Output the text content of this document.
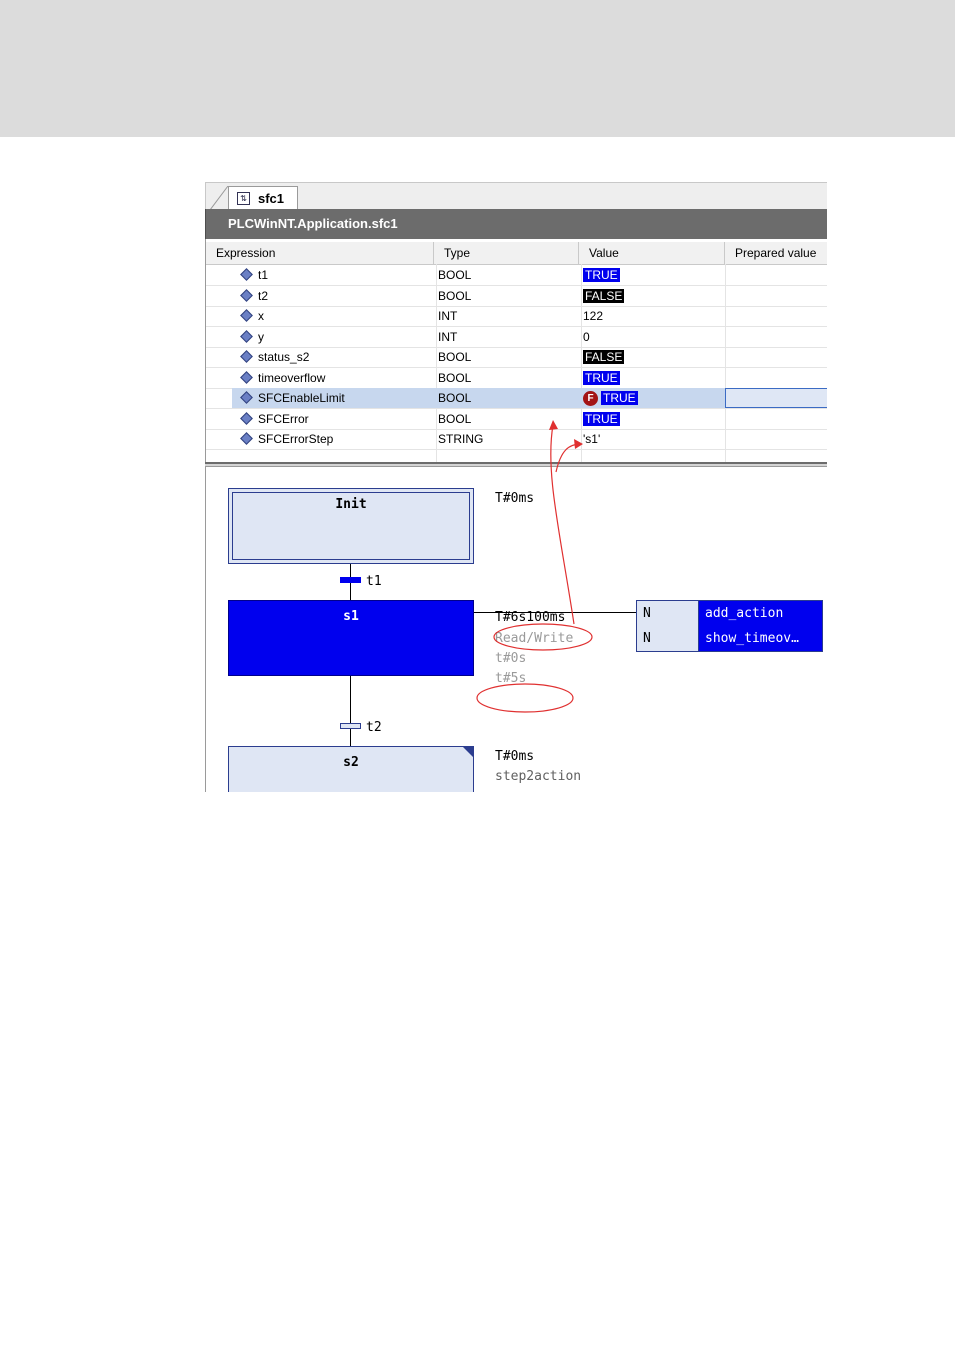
⇅ sfc1
PLCWinNT.Application.sfc1
Expression	Type	Value	Prepared value
t1	BOOL	TRUE
t2	BOOL	FALSE
x	INT	122
y	INT	0
status_s2	BOOL	FALSE
timeoverflow	BOOL	TRUE
SFCEnableLimit	BOOL	F TRUE
SFCError	BOOL	TRUE
SFCErrorStep	STRING	's1'
Init	T#0ms
t1
s1	N	add_action
N	show_timeov…
T#6s100ms
Read/Write
t#0s
t#5s
t2
s2	T#0ms
step2action
